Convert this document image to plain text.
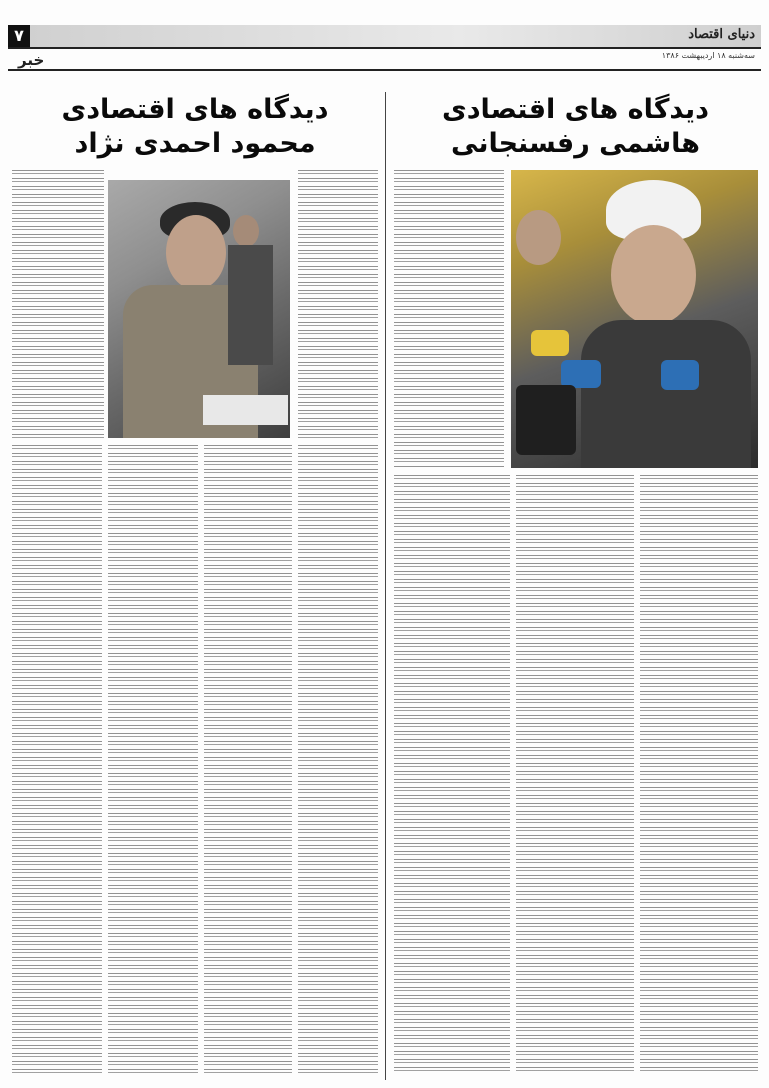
۷	دنیای اقتصاد
خبر	سه‌شنبه ۱۸ اردیبهشت ۱۳۸۶
دیدگاه های اقتصادی
هاشمی رفسنجانی
دیدگاه های اقتصادی
محمود احمدی نژاد
